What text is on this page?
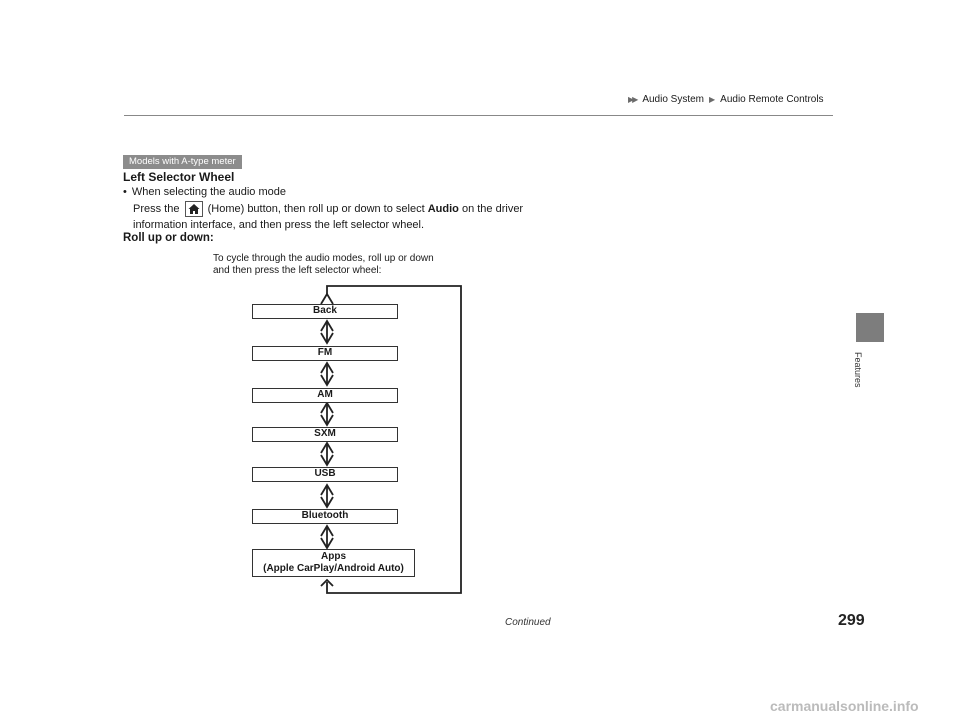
▶▶ Audio System ▶ Audio Remote Controls
Features
Models with A-type meter
Left Selector Wheel
• When selecting the audio mode
Press the	(Home) button, then roll up or down to select Audio on the driver
information interface, and then press the left selector wheel.
Roll up or down:
To cycle through the audio modes, roll up or down
and then press the left selector wheel:
Back
FM
AM
SXM
USB
Bluetooth
Apps
(Apple CarPlay/Android Auto)
Continued	299
carmanualsonline.info
